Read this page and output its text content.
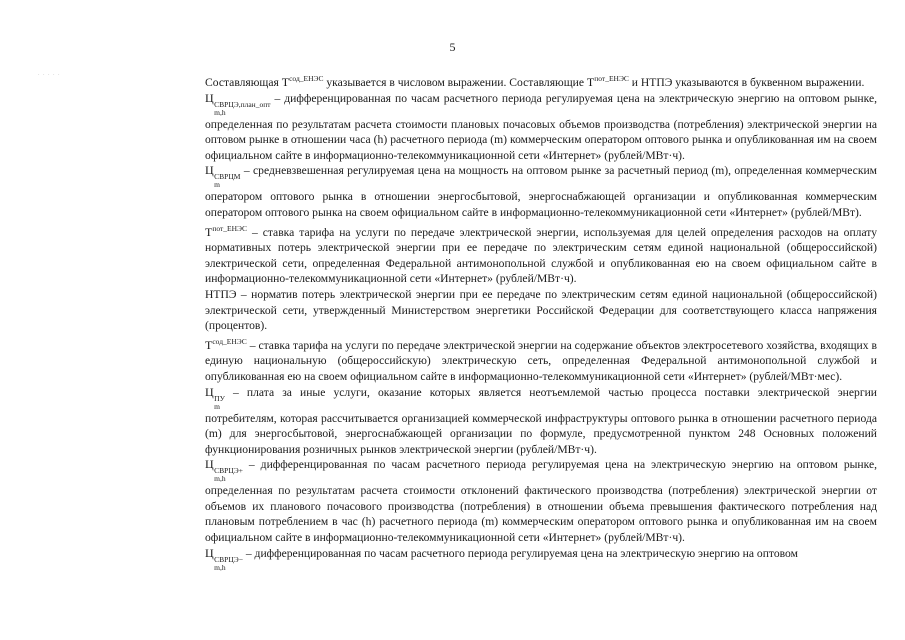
5
. . . . .

Составляющая $Т^{сод\_ЕНЭС}$ указывается в числовом выражении. Составляющие $Т^{пот\_ЕНЭС}$ и НТПЭ указываются в буквенном выражении.

Ц СВРЦЭ,план_опт
m,h
– дифференцированная по часам расчетного периода регулируемая цена на электрическую энергию на оптовом рынке, определенная по результатам расчета стоимости плановых почасовых объемов производства (потребления) электрической энергии на оптовом рынке в отношении часа (h) расчетного периода (m) коммерческим оператором оптового рынка и опубликованная им на своем официальном сайте в информационно-телекоммуникационной сети «Интернет» (рублей/МВт·ч).

Ц СВРЦМ
m
– средневзвешенная регулируемая цена на мощность на оптовом рынке за расчетный период (m), определенная коммерческим оператором оптового рынка в отношении энергосбытовой, энергоснабжающей организации и опубликованная коммерческим оператором оптового рынка на своем официальном сайте в информационно-телекоммуникационной сети «Интернет» (рублей/МВт).

$Т^{пот\_ЕНЭС}$ – ставка тарифа на услуги по передаче электрической энергии, используемая для целей определения расходов на оплату нормативных потерь электрической энергии при ее передаче по электрическим сетям единой национальной (общероссийской) электрической сети, определенная Федеральной антимонопольной службой и опубликованная ею на своем официальном сайте в информационно-телекоммуникационной сети «Интернет» (рублей/МВт·ч).

НТПЭ – норматив потерь электрической энергии при ее передаче по электрическим сетям единой национальной (общероссийской) электрической сети, утвержденный Министерством энергетики Российской Федерации для соответствующего класса напряжения (процентов).

$Т^{сод\_ЕНЭС}$ – ставка тарифа на услуги по передаче электрической энергии на содержание объектов электросетевого хозяйства, входящих в единую национальную (общероссийскую) электрическую сеть, определенная Федеральной антимонопольной службой и опубликованная ею на своем официальном сайте в информационно-телекоммуникационной сети «Интернет» (рублей/МВт·мес).

Ц ПУ
m
– плата за иные услуги, оказание которых является неотъемлемой частью процесса поставки электрической энергии потребителям, которая рассчитывается организацией коммерческой инфраструктуры оптового рынка в отношении расчетного периода (m) для энергосбытовой, энергоснабжающей организации по формуле, предусмотренной пунктом 248 Основных положений функционирования розничных рынков электрической энергии (рублей/МВт·ч).

Ц СВРЦЭ+
m,h
– дифференцированная по часам расчетного периода регулируемая цена на электрическую энергию на оптовом рынке, определенная по результатам расчета стоимости отклонений фактического производства (потребления) электрической энергии от объемов их планового почасового производства (потребления) в отношении объема превышения фактического потребления над плановым потреблением в час (h) расчетного периода (m) коммерческим оператором оптового рынка и опубликованная им на своем официальном сайте в информационно-телекоммуникационной сети «Интернет» (рублей/МВт·ч).

Ц СВРЦЭ−
m,h
– дифференцированная по часам расчетного периода регулируемая цена на электрическую энергию на оптовом
